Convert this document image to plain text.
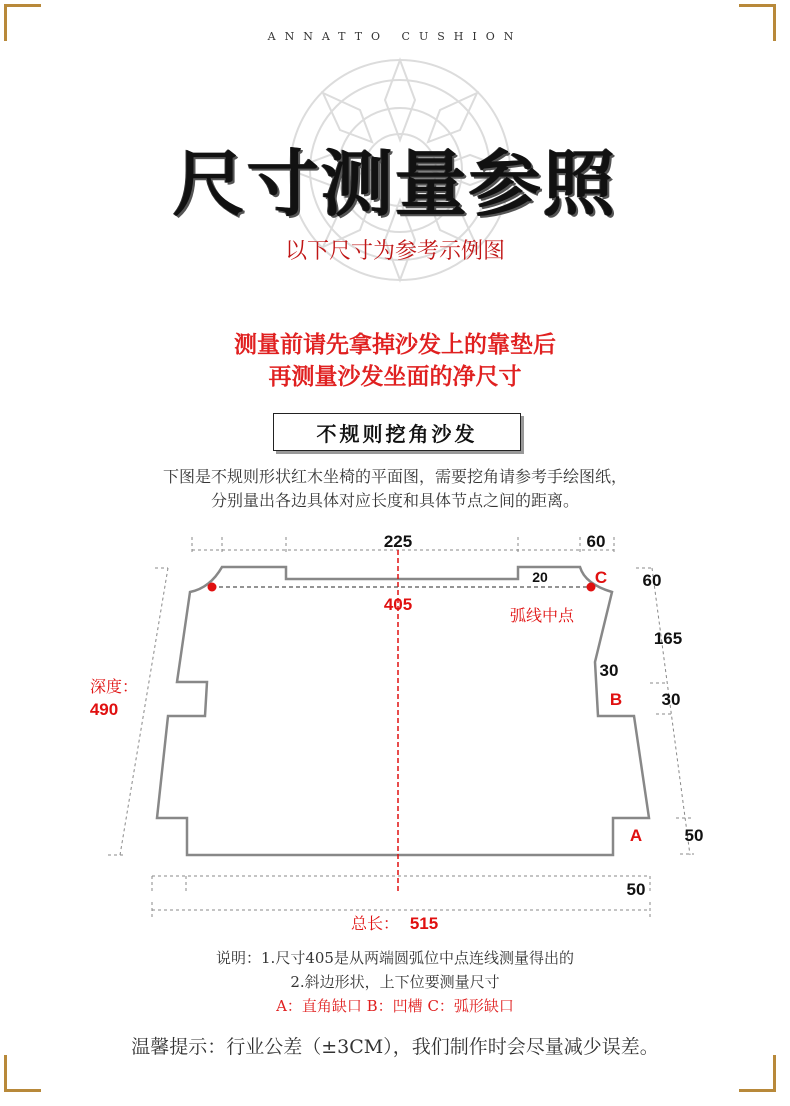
ANNATTO CUSHION
尺寸测量参照
以下尺寸为参考示例图
测量前请先拿掉沙发上的靠垫后
再测量沙发坐面的净尺寸
不规则挖角沙发
下图是不规则形状红木坐椅的平面图，需要挖角请参考手绘图纸，
分别量出各边具体对应长度和具体节点之间的距离。
225	60
20	C 60
405
弧线中点
165
30
B 30
深度：
490
A 50
50
总长： 515
说明：1.尺寸405是从两端圆弧位中点连线测量得出的
2.斜边形状，上下位要测量尺寸
A：直角缺口 B：凹槽 C：弧形缺口
温馨提示：行业公差（±3CM），我们制作时会尽量减少误差。
